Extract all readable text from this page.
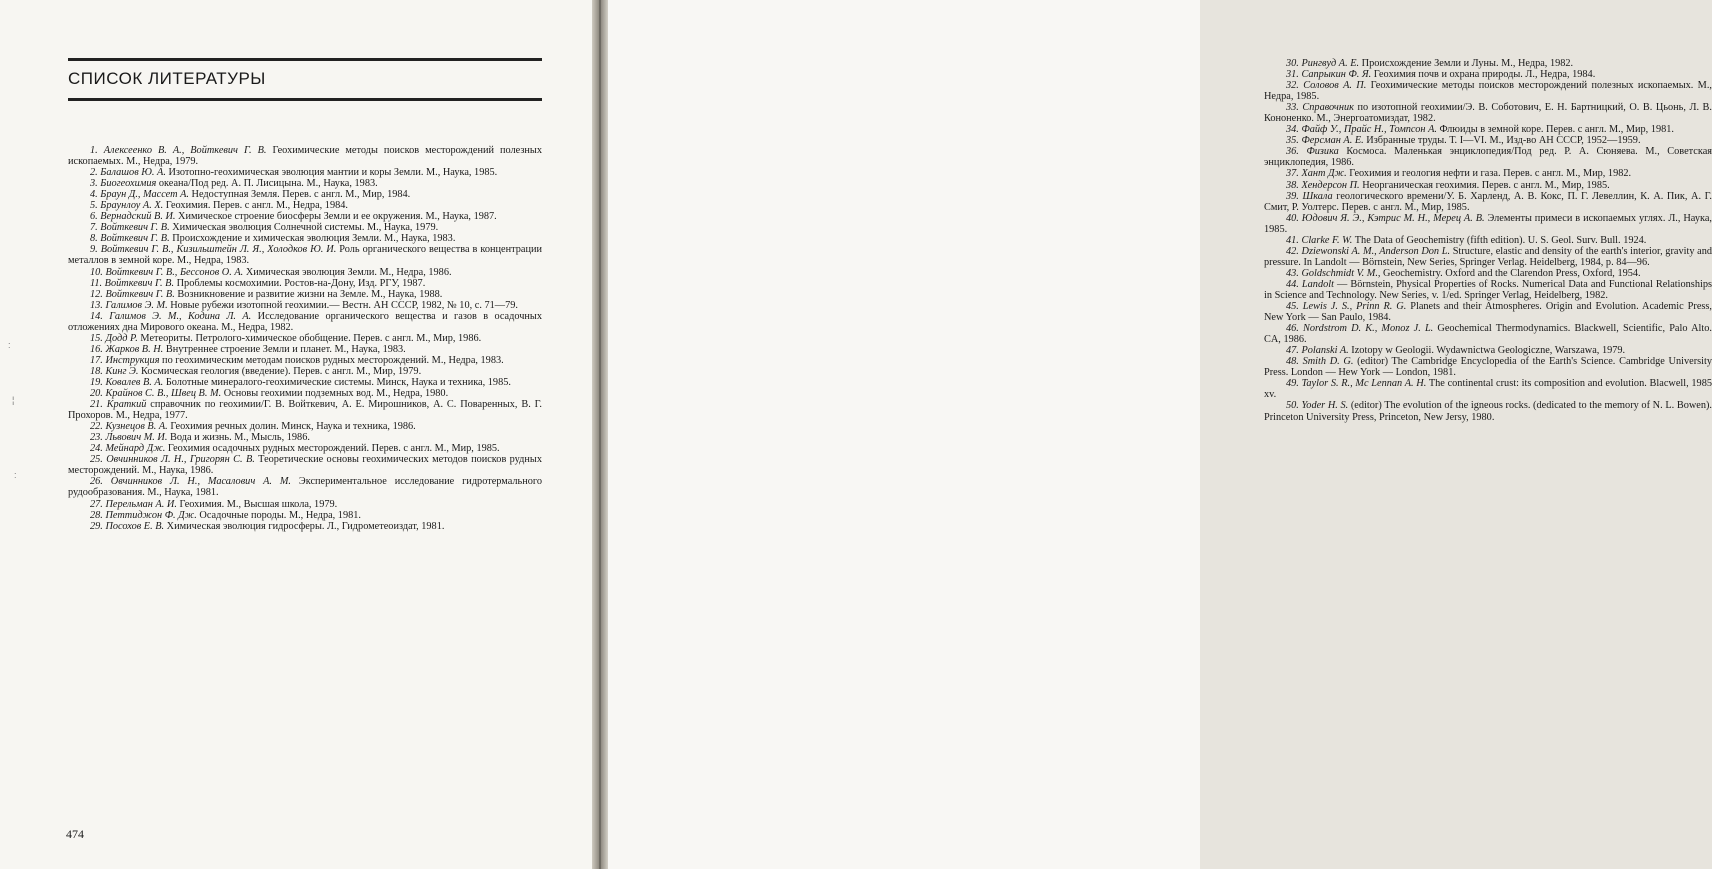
СПИСОК ЛИТЕРАТУРЫ

1. Алексеенко В. А., Войткевич Г. В. Геохимические методы поисков месторождений полезных ископаемых. М., Недра, 1979.

2. Балашов Ю. А. Изотопно-геохимическая эволюция мантии и коры Земли. М., Наука, 1985.

3. Биогеохимия океана/Под ред. А. П. Лисицына. М., Наука, 1983.

4. Браун Д., Массет А. Недоступная Земля. Перев. с англ. М., Мир, 1984.

5. Браунлоу А. Х. Геохимия. Перев. с англ. М., Недра, 1984.

6. Вернадский В. И. Химическое строение биосферы Земли и ее окружения. М., Наука, 1987.

7. Войткевич Г. В. Химическая эволюция Солнечной системы. М., Наука, 1979.

8. Войткевич Г. В. Происхождение и химическая эволюция Земли. М., Наука, 1983.

9. Войткевич Г. В., Кизильштейн Л. Я., Холодков Ю. И. Роль органического вещества в концентрации металлов в земной коре. М., Недра, 1983.

10. Войткевич Г. В., Бессонов О. А. Химическая эволюция Земли. М., Недра, 1986.

11. Войткевич Г. В. Проблемы космохимии. Ростов-на-Дону, Изд. РГУ, 1987.

12. Войткевич Г. В. Возникновение и развитие жизни на Земле. М., Наука, 1988.

13. Галимов Э. М. Новые рубежи изотопной геохимии.— Вестн. АН СССР, 1982, № 10, с. 71—79.

14. Галимов Э. М., Кодина Л. А. Исследование органического вещества и газов в осадочных отложениях дна Мирового океана. М., Недра, 1982.

15. Додд Р. Метеориты. Петролого-химическое обобщение. Перев. с англ. М., Мир, 1986.

16. Жарков В. Н. Внутреннее строение Земли и планет. М., Наука, 1983.

17. Инструкция по геохимическим методам поисков рудных месторождений. М., Недра, 1983.

18. Кинг Э. Космическая геология (введение). Перев. с англ. М., Мир, 1979.

19. Ковалев В. А. Болотные минералого-геохимические системы. Минск, Наука и техника, 1985.

20. Крайнов С. В., Швец В. М. Основы геохимии подземных вод. М., Недра, 1980.

21. Краткий справочник по геохимии/Г. В. Войткевич, А. Е. Мирошников, А. С. Поваренных, В. Г. Прохоров. М., Недра, 1977.

22. Кузнецов В. А. Геохимия речных долин. Минск, Наука и техника, 1986.

23. Львович М. И. Вода и жизнь. М., Мысль, 1986.

24. Мейнард Дж. Геохимия осадочных рудных месторождений. Перев. с англ. М., Мир, 1985.

25. Овчинников Л. Н., Григорян С. В. Теоретические основы геохимических методов поисков рудных месторождений. М., Наука, 1986.

26. Овчинников Л. Н., Масалович А. М. Экспериментальное исследование гидротермального рудообразования. М., Наука, 1981.

27. Перельман А. И. Геохимия. М., Высшая школа, 1979.

28. Петтиджон Ф. Дж. Осадочные породы. М., Недра, 1981.

29. Посохов Е. В. Химическая эволюция гидросферы. Л., Гидрометеоиздат, 1981.

474
:
¦
:

30. Рингвуд А. Е. Происхождение Земли и Луны. М., Недра, 1982.

31. Сапрыкин Ф. Я. Геохимия почв и охрана природы. Л., Недра, 1984.

32. Соловов А. П. Геохимические методы поисков месторождений полезных ископаемых. М., Недра, 1985.

33. Справочник по изотопной геохимии/Э. В. Соботович, Е. Н. Бартницкий, О. В. Цьонь, Л. В. Кононенко. М., Энергоатомиздат, 1982.

34. Файф У., Прайс Н., Томпсон А. Флюиды в земной коре. Перев. с англ. М., Мир, 1981.

35. Ферсман А. Е. Избранные труды. Т. I—VI. М., Изд-во АН СССР, 1952—1959.

36. Физика Космоса. Маленькая энциклопедия/Под ред. Р. А. Сюняева. М., Советская энциклопедия, 1986.

37. Хант Дж. Геохимия и геология нефти и газа. Перев. с англ. М., Мир, 1982.

38. Хендерсон П. Неорганическая геохимия. Перев. с англ. М., Мир, 1985.

39. Шкала геологического времени/У. Б. Харленд, А. В. Кокс, П. Г. Левеллин, К. А. Пик, А. Г. Смит, Р. Уолтерс. Перев. с англ. М., Мир, 1985.

40. Юдович Я. Э., Кэтрис М. Н., Мерец А. В. Элементы примеси в ископаемых углях. Л., Наука, 1985.

41. Clarke F. W. The Data of Geochemistry (fifth edition). U. S. Geol. Surv. Bull. 1924.

42. Dziewonski A. M., Anderson Don L. Structure, elastic and density of the earth's interior, gravity and pressure. In Landolt — Börnstein, New Series, Springer Verlag. Heidelberg, 1984, p. 84—96.

43. Goldschmidt V. M., Geochemistry. Oxford and the Clarendon Press, Oxford, 1954.

44. Landolt — Börnstein, Physical Properties of Rocks. Numerical Data and Functional Relationships in Science and Technology. New Series, v. 1/ed. Springer Verlag, Heidelberg, 1982.

45. Lewis J. S., Prinn R. G. Planets and their Atmospheres. Origin and Evolution. Academic Press, New York — San Paulo, 1984.

46. Nordstrom D. K., Monoz J. L. Geochemical Thermodynamics. Blackwell, Scientific, Palo Alto. CA, 1986.

47. Polanski A. Izotopy w Geologii. Wydawnictwa Geologiczne, Warszawa, 1979.

48. Smith D. G. (editor) The Cambridge Encyclopedia of the Earth's Science. Cambridge University Press. London — Hew York — London, 1981.

49. Taylor S. R., Mc Lennan A. H. The continental crust: its composition and evolution. Blacwell, 1985 xv.

50. Yoder H. S. (editor) The evolution of the igneous rocks. (dedicated to the memory of N. L. Bowen). Princeton University Press, Princeton, New Jersy, 1980.
